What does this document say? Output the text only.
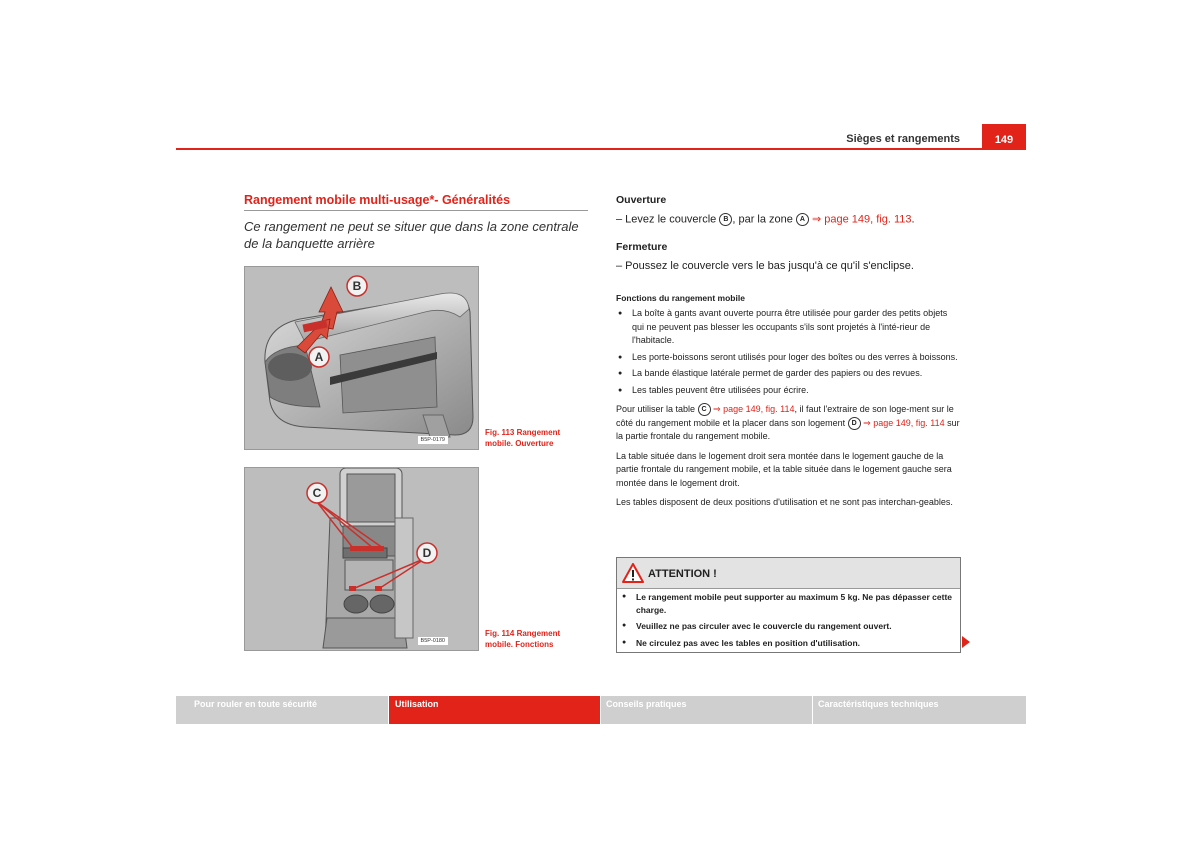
Sièges et rangements	149
Rangement mobile multi-usage*- Généralités
Ce rangement ne peut se situer que dans la zone centrale de la banquette arrière
B
A
B5P-0179
Fig. 113 Rangement
mobile. Ouverture
C
D
B5P-0180
Fig. 114 Rangement
mobile. Fonctions
Ouverture
– Levez le couvercle B , par la zone A ⇒ page 149, fig. 113.
Fermeture
– Poussez le couvercle vers le bas jusqu'à ce qu'il s'enclipse.
Fonctions du rangement mobile
● La boîte à gants avant ouverte pourra être utilisée pour garder des petits objets qui ne peuvent pas blesser les occupants s'ils sont projetés à l'inté-rieur de l'habitacle.
● Les porte-boissons seront utilisés pour loger des boîtes ou des verres à boissons.
● La bande élastique latérale permet de garder des papiers ou des revues.
● Les tables peuvent être utilisées pour écrire.
Pour utiliser la table C ⇒ page 149, fig. 114, il faut l'extraire de son loge-ment sur le côté du rangement mobile et la placer dans son logement D ⇒ page 149, fig. 114 sur la partie frontale du rangement mobile.
La table située dans le logement droit sera montée dans le logement gauche de la partie frontale du rangement mobile, et la table située dans le logement gauche sera montée dans le logement droit.
Les tables disposent de deux positions d'utilisation et ne sont pas interchan-geables.
ATTENTION !
● Le rangement mobile peut supporter au maximum 5 kg. Ne pas dépasser cette charge.
● Veuillez ne pas circuler avec le couvercle du rangement ouvert.
● Ne circulez pas avec les tables en position d'utilisation.
Pour rouler en toute sécurité	Utilisation	Conseils pratiques	Caractéristiques techniques
